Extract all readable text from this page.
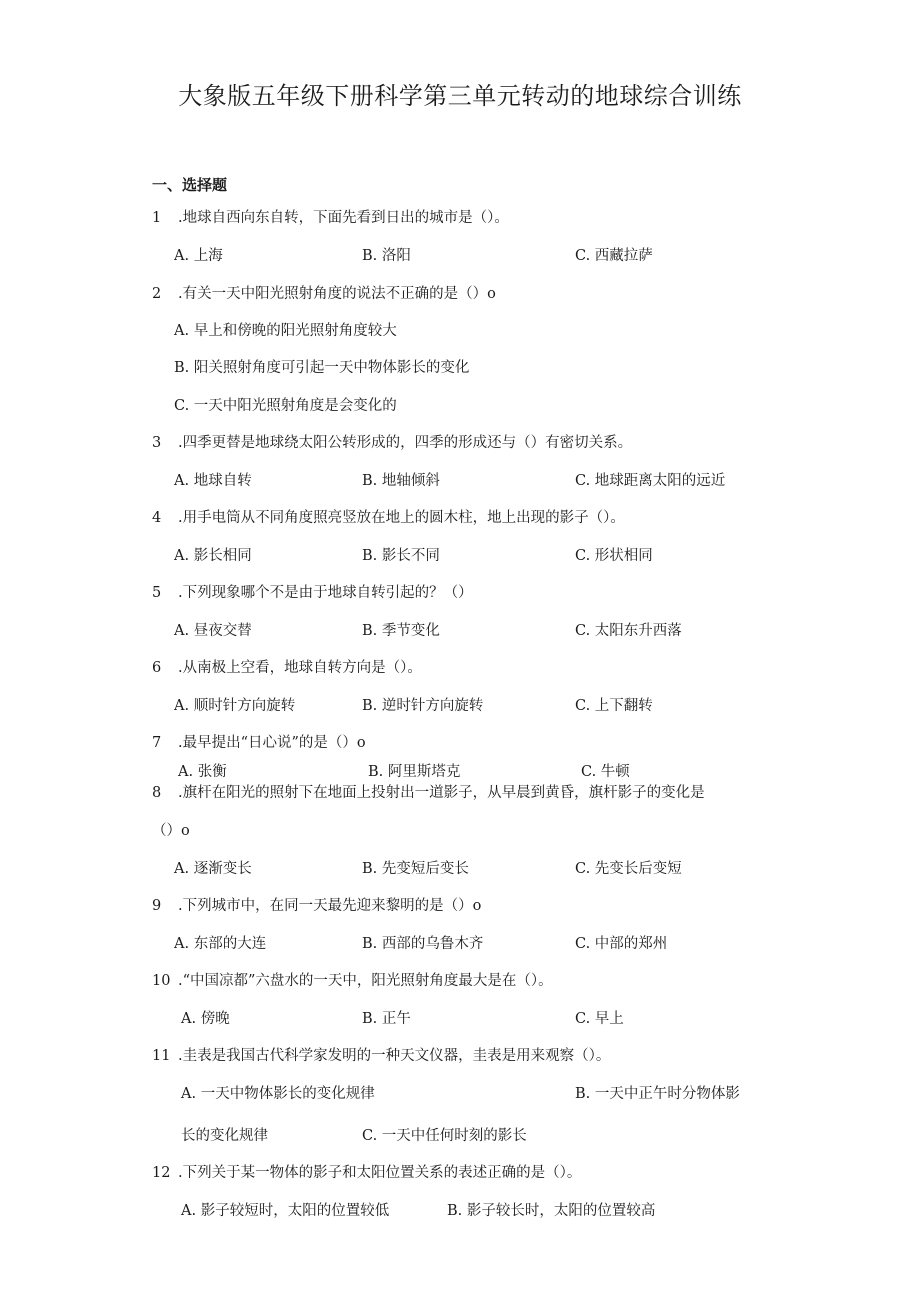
大象版五年级下册科学第三单元转动的地球综合训练
一、选择题
1 .地球自西向东自转，下面先看到日出的城市是（）。
A. 上海	B. 洛阳	C. 西藏拉萨
2 .有关一天中阳光照射角度的说法不正确的是（）o
A. 早上和傍晚的阳光照射角度较大
B. 阳关照射角度可引起一天中物体影长的变化
C. 一天中阳光照射角度是会变化的
3 .四季更替是地球绕太阳公转形成的，四季的形成还与（）有密切关系。
A. 地球自转	B. 地轴倾斜	C. 地球距离太阳的远近
4 .用手电筒从不同角度照亮竖放在地上的圆木柱，地上出现的影子（）。
A. 影长相同	B. 影长不同	C. 形状相同
5 .下列现象哪个不是由于地球自转引起的？（）
A. 昼夜交替	B. 季节变化	C. 太阳东升西落
6 .从南极上空看，地球自转方向是（）。
A. 顺时针方向旋转	B. 逆时针方向旋转	C. 上下翻转
7 .最早提出“日心说”的是（）o
A. 张衡	B. 阿里斯塔克	C. 牛顿
8 .旗杆在阳光的照射下在地面上投射出一道影子，从早晨到黄昏，旗杆影子的变化是
（）o
A. 逐渐变长	B. 先变短后变长	C. 先变长后变短
9 .下列城市中，在同一天最先迎来黎明的是（）o
A. 东部的大连	B. 西部的乌鲁木齐	C. 中部的郑州
10 .“中国凉都”六盘水的一天中，阳光照射角度最大是在（）。
A. 傍晚	B. 正午	C. 早上
11 .圭表是我国古代科学家发明的一种天文仪器，圭表是用来观察（）。
A. 一天中物体影长的变化规律	B. 一天中正午时分物体影
长的变化规律	C. 一天中任何时刻的影长
12 .下列关于某一物体的影子和太阳位置关系的表述正确的是（）。
A. 影子较短时，太阳的位置较低	B. 影子较长时，太阳的位置较高
